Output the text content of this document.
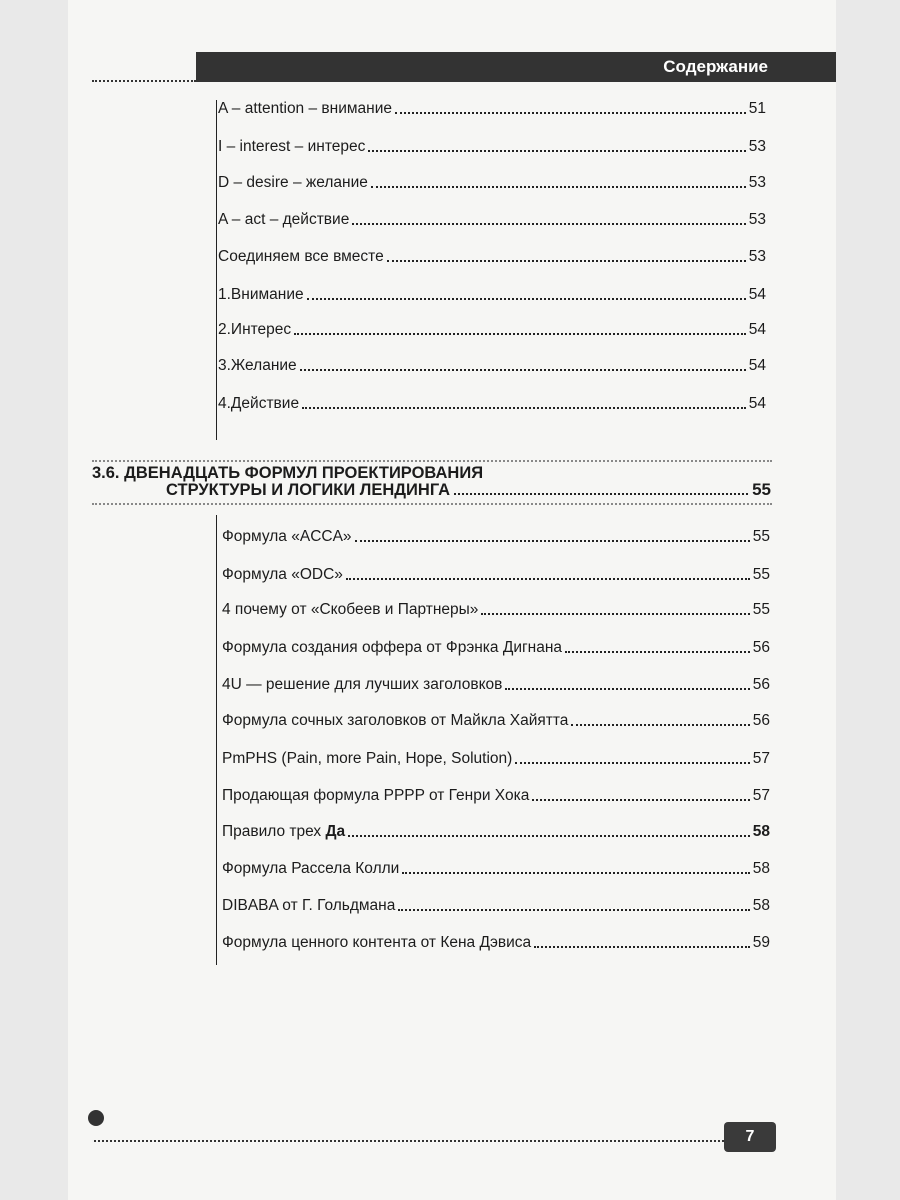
Содержание
A – attention – внимание	51
I – interest – интерес	53
D – desire – желание	53
A – act – действие	53
Соединяем все вместе	53
1.Внимание	54
2.Интерес	54
3.Желание	54
4.Действие	54
3.6. ДВЕНАДЦАТЬ ФОРМУЛ ПРОЕКТИРОВАНИЯ
СТРУКТУРЫ И ЛОГИКИ ЛЕНДИНГА	55
Формула «ACCA»	55
Формула «ODC»	55
4 почему от «Скобеев и Партнеры»	55
Формула создания оффера от Фрэнка Дигнана	56
4U — решение для лучших заголовков	56
Формула сочных заголовков от Майкла Хайятта	56
PmPHS (Pain, more Pain, Hope, Solution)	57
Продающая формула PPPP от Генри Хока	57
Правило трех Да	58
Формула Рассела Колли	58
DIBABA от Г. Гольдмана	58
Формула ценного контента от Кена Дэвиса	59
7
